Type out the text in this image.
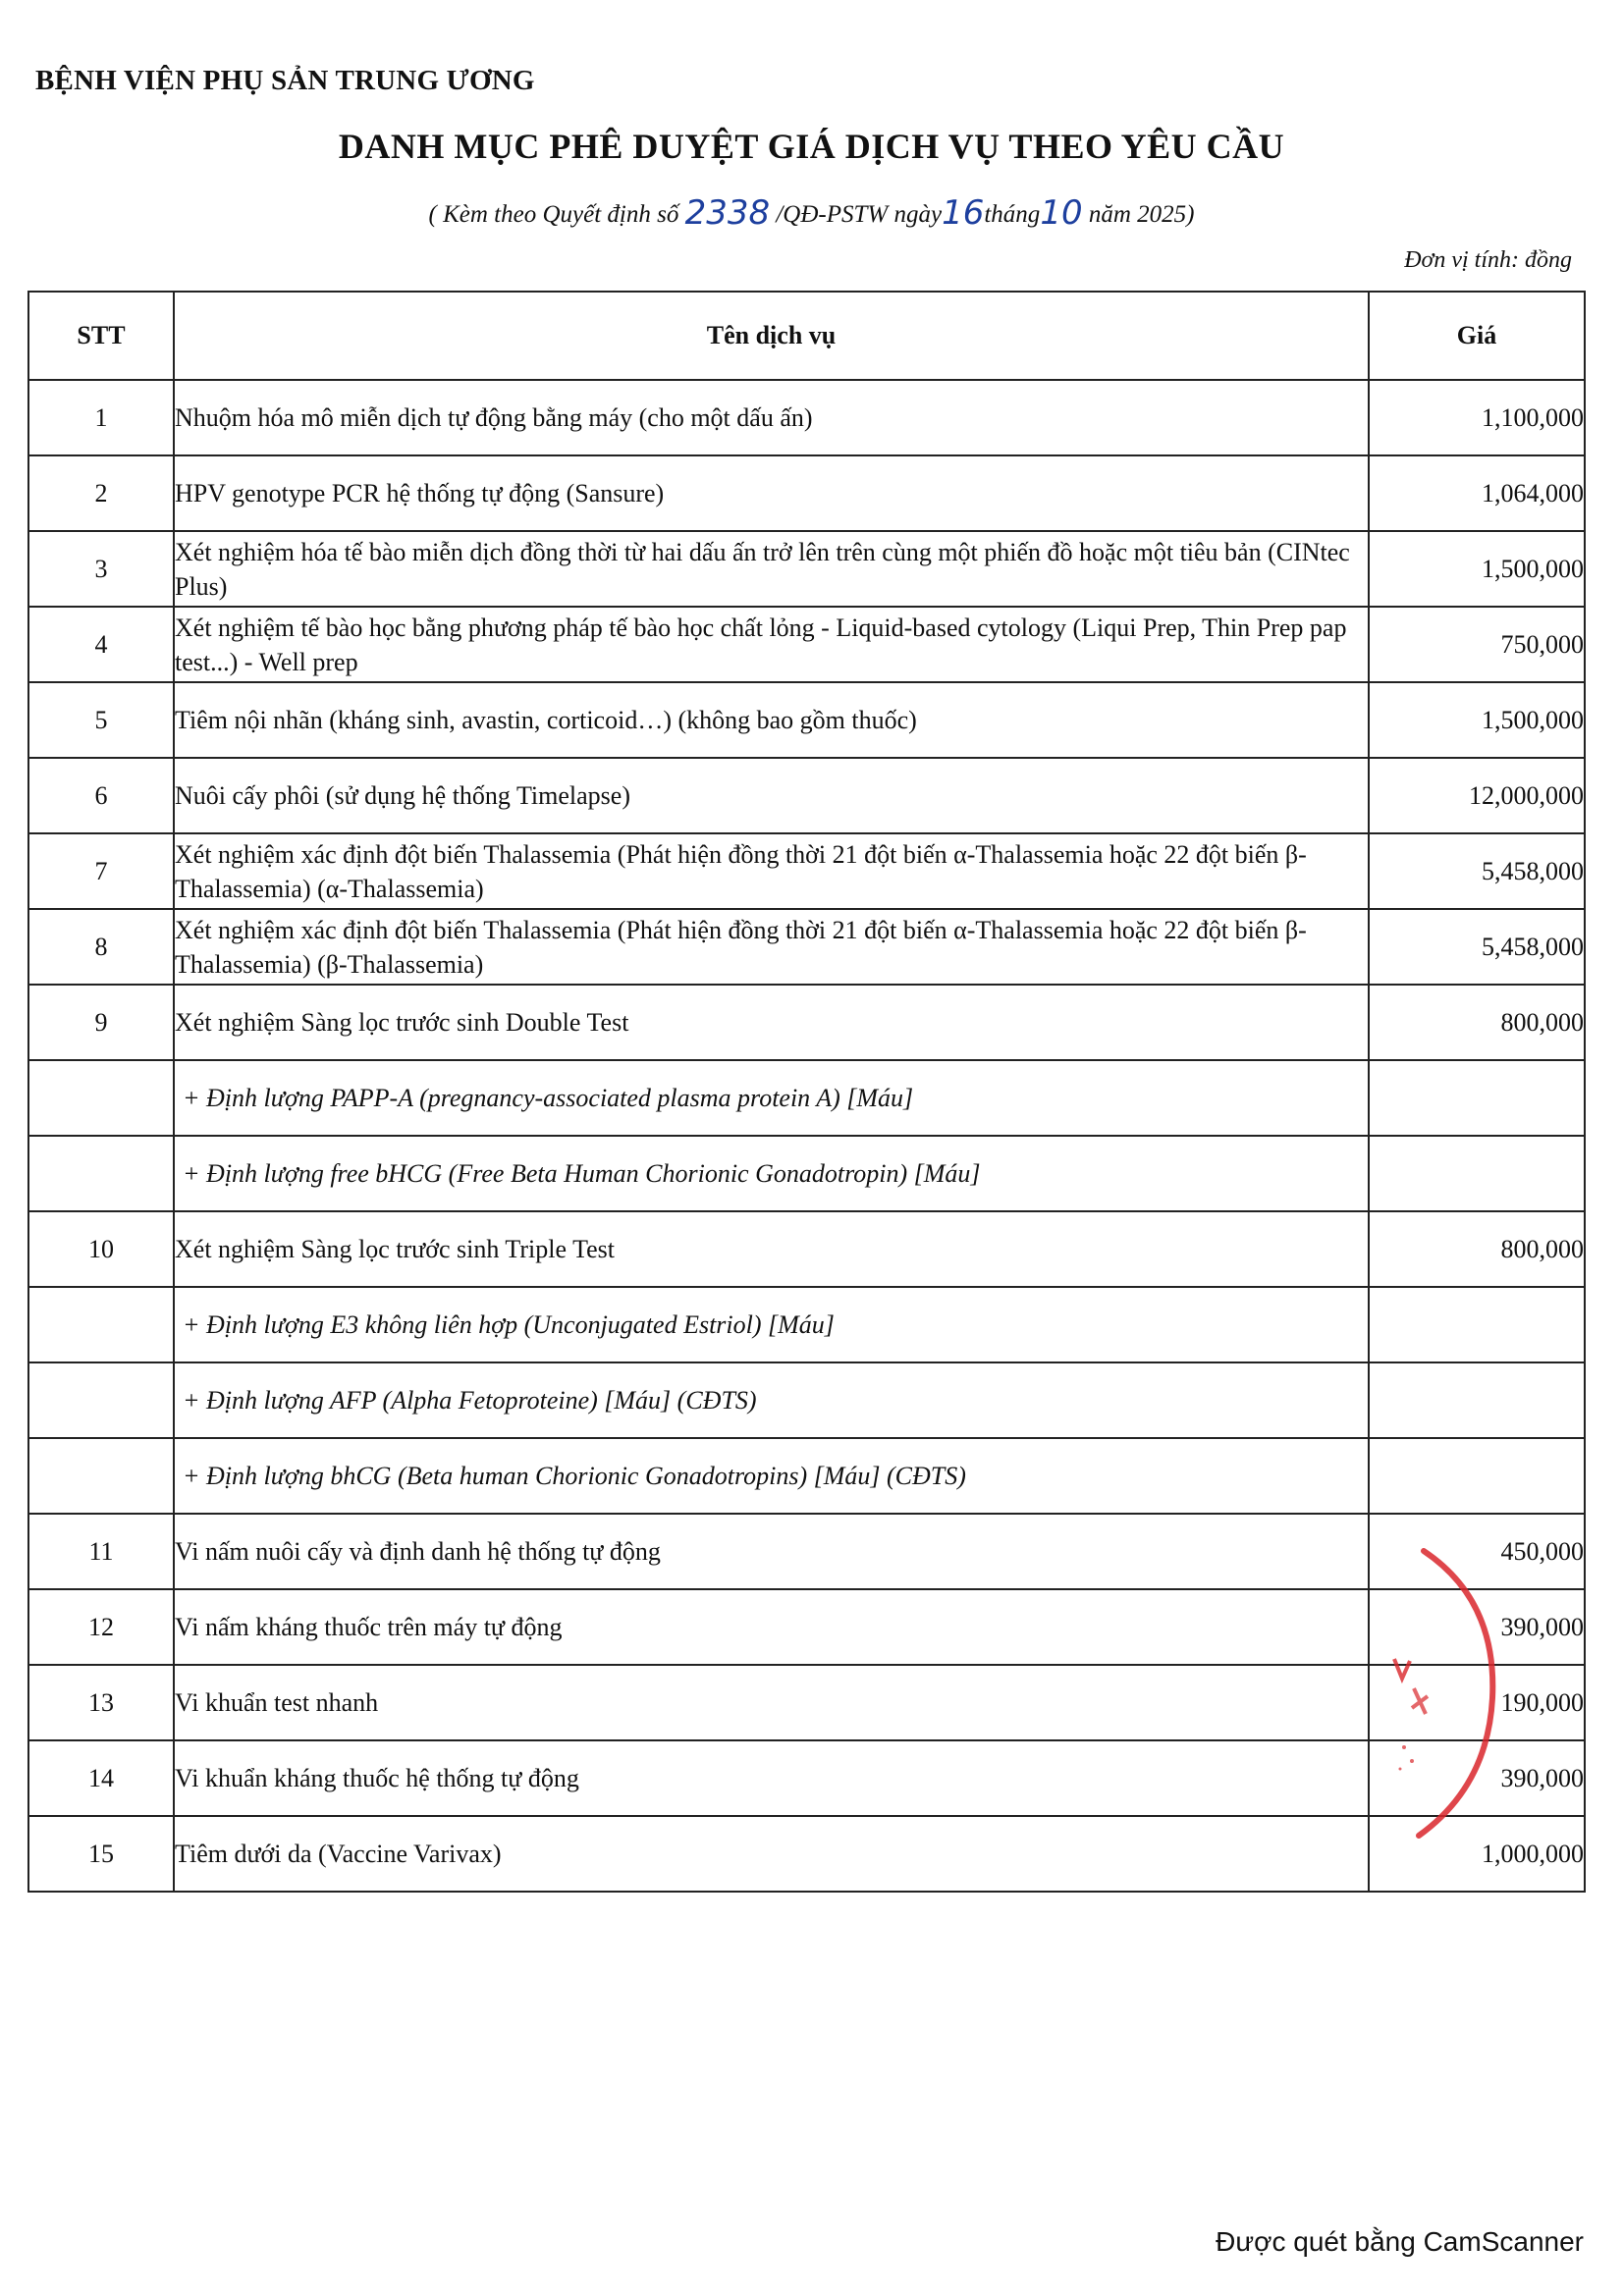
BỆNH VIỆN PHỤ SẢN TRUNG ƯƠNG
DANH MỤC PHÊ DUYỆT GIÁ DỊCH VỤ THEO YÊU CẦU
( Kèm theo Quyết định số 2338 /QĐ-PSTW ngày16tháng10 năm 2025)
Đơn vị tính: đồng
STT	Tên dịch vụ	Giá
1	Nhuộm hóa mô miễn dịch tự động bằng máy (cho một dấu ấn)	1,100,000
2	HPV genotype PCR hệ thống tự động (Sansure)	1,064,000
3	Xét nghiệm hóa tế bào miễn dịch đồng thời từ hai dấu ấn trở lên trên cùng một phiến đồ hoặc một tiêu bản (CINtec Plus)	1,500,000
4	Xét nghiệm tế bào học bằng phương pháp tế bào học chất lỏng - Liquid-based cytology (Liqui Prep, Thin Prep pap test...) - Well prep	750,000
5	Tiêm nội nhãn (kháng sinh, avastin, corticoid…) (không bao gồm thuốc)	1,500,000
6	Nuôi cấy phôi (sử dụng hệ thống Timelapse)	12,000,000
7	Xét nghiệm xác định đột biến Thalassemia (Phát hiện đồng thời 21 đột biến α-Thalassemia hoặc 22 đột biến β-Thalassemia) (α-Thalassemia)	5,458,000
8	Xét nghiệm xác định đột biến Thalassemia (Phát hiện đồng thời 21 đột biến α-Thalassemia hoặc 22 đột biến β-Thalassemia) (β-Thalassemia)	5,458,000
9	Xét nghiệm Sàng lọc trước sinh Double Test	800,000
	+ Định lượng PAPP-A (pregnancy-associated plasma protein A) [Máu]	
	+ Định lượng free bHCG (Free Beta Human Chorionic Gonadotropin) [Máu]	
10	Xét nghiệm Sàng lọc trước sinh Triple Test	800,000
	+ Định lượng E3 không liên hợp (Unconjugated Estriol) [Máu]	
	+ Định lượng AFP (Alpha Fetoproteine) [Máu] (CĐTS)	
	+ Định lượng bhCG (Beta human Chorionic Gonadotropins) [Máu] (CĐTS)	
11	Vi nấm nuôi cấy và định danh hệ thống tự động	450,000
12	Vi nấm kháng thuốc trên máy tự động	390,000
13	Vi khuẩn test nhanh	190,000
14	Vi khuẩn kháng thuốc hệ thống tự động	390,000
15	Tiêm dưới da (Vaccine Varivax)	1,000,000
Được quét bằng CamScanner
